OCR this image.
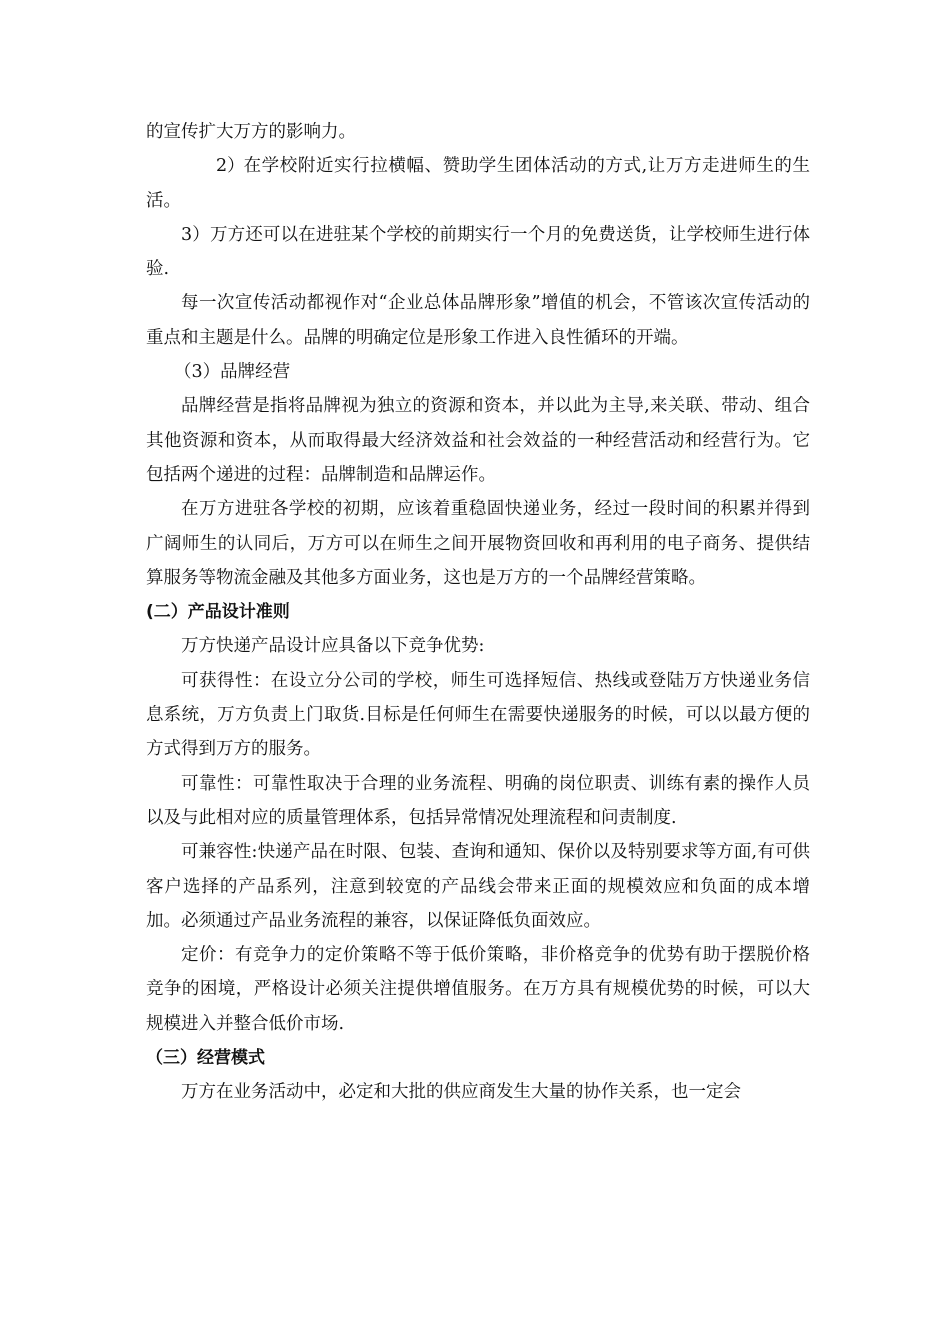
的宣传扩大万方的影响力。

2）在学校附近实行拉横幅、赞助学生团体活动的方式,让万方走进师生的生活。

3）万方还可以在进驻某个学校的前期实行一个月的免费送货，让学校师生进行体验.

每一次宣传活动都视作对“企业总体品牌形象”增值的机会，不管该次宣传活动的重点和主题是什么。品牌的明确定位是形象工作进入良性循环的开端。

（3）品牌经营

品牌经营是指将品牌视为独立的资源和资本，并以此为主导,来关联、带动、组合其他资源和资本，从而取得最大经济效益和社会效益的一种经营活动和经营行为。它包括两个递进的过程：品牌制造和品牌运作。

在万方进驻各学校的初期，应该着重稳固快递业务，经过一段时间的积累并得到广阔师生的认同后，万方可以在师生之间开展物资回收和再利用的电子商务、提供结算服务等物流金融及其他多方面业务，这也是万方的一个品牌经营策略。

(二）产品设计准则

万方快递产品设计应具备以下竞争优势:

可获得性：在设立分公司的学校，师生可选择短信、热线或登陆万方快递业务信息系统，万方负责上门取货.目标是任何师生在需要快递服务的时候，可以以最方便的方式得到万方的服务。

可靠性：可靠性取决于合理的业务流程、明确的岗位职责、训练有素的操作人员以及与此相对应的质量管理体系，包括异常情况处理流程和问责制度.

可兼容性:快递产品在时限、包装、查询和通知、保价以及特别要求等方面,有可供客户选择的产品系列，注意到较宽的产品线会带来正面的规模效应和负面的成本增加。必须通过产品业务流程的兼容，以保证降低负面效应。

定价：有竞争力的定价策略不等于低价策略，非价格竞争的优势有助于摆脱价格竞争的困境，严格设计必须关注提供增值服务。在万方具有规模优势的时候，可以大规模进入并整合低价市场.

（三）经营模式

万方在业务活动中，必定和大批的供应商发生大量的协作关系，也一定会
